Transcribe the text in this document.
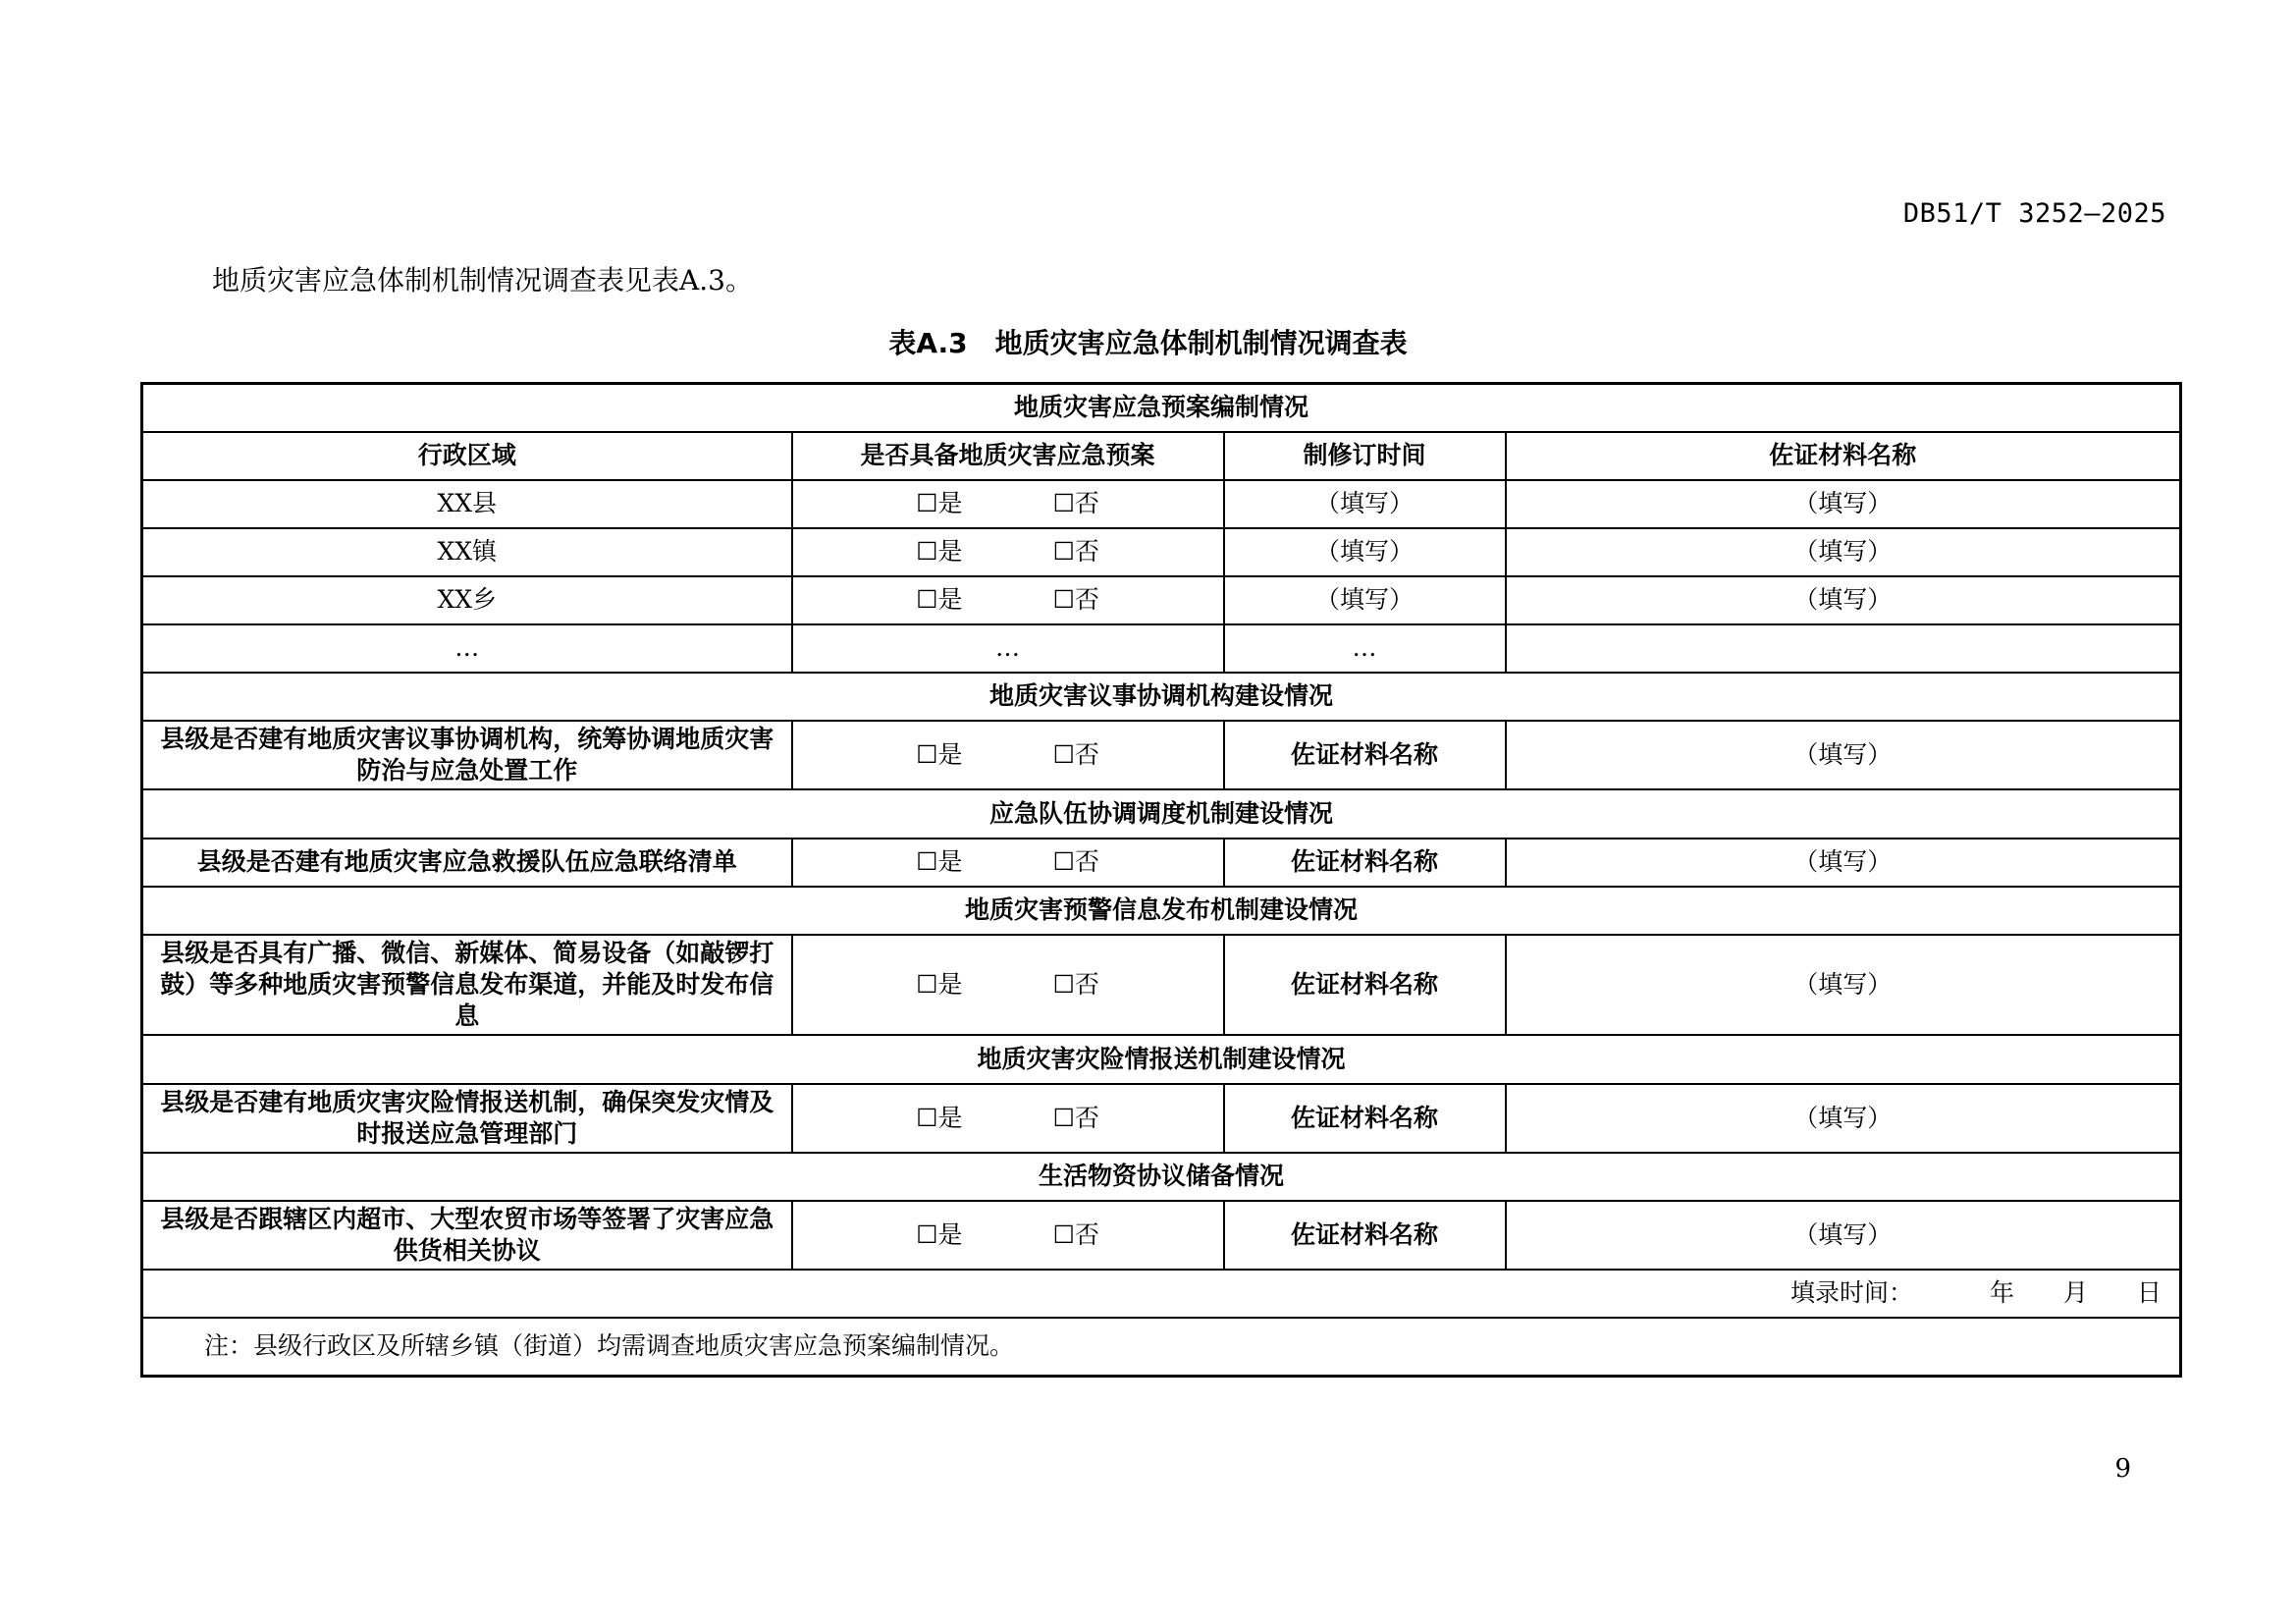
DB51/T 3252—2025
地质灾害应急体制机制情况调查表见表A.3。
表A.3 地质灾害应急体制机制情况调查表
地质灾害应急预案编制情况			
行政区域	是否具备地质灾害应急预案	制修订时间	佐证材料名称
XX县	☐是 ☐否	（填写）	（填写）
XX镇	☐是 ☐否	（填写）	（填写）
XX乡	☐是 ☐否	（填写）	（填写）
…	…	…	
地质灾害议事协调机构建设情况			
县级是否建有地质灾害议事协调机构，统筹协调地质灾害防治与应急处置工作	☐是 ☐否	佐证材料名称	（填写）
应急队伍协调调度机制建设情况			
县级是否建有地质灾害应急救援队伍应急联络清单	☐是 ☐否	佐证材料名称	（填写）
地质灾害预警信息发布机制建设情况			
县级是否具有广播、微信、新媒体、简易设备（如敲锣打鼓）等多种地质灾害预警信息发布渠道，并能及时发布信息	☐是 ☐否	佐证材料名称	（填写）
地质灾害灾险情报送机制建设情况			
县级是否建有地质灾害灾险情报送机制，确保突发灾情及时报送应急管理部门	☐是 ☐否	佐证材料名称	（填写）
生活物资协议储备情况			
县级是否跟辖区内超市、大型农贸市场等签署了灾害应急供货相关协议	☐是 ☐否	佐证材料名称	（填写）
填录时间： 年 月 日			
注：县级行政区及所辖乡镇（街道）均需调查地质灾害应急预案编制情况。			
9
